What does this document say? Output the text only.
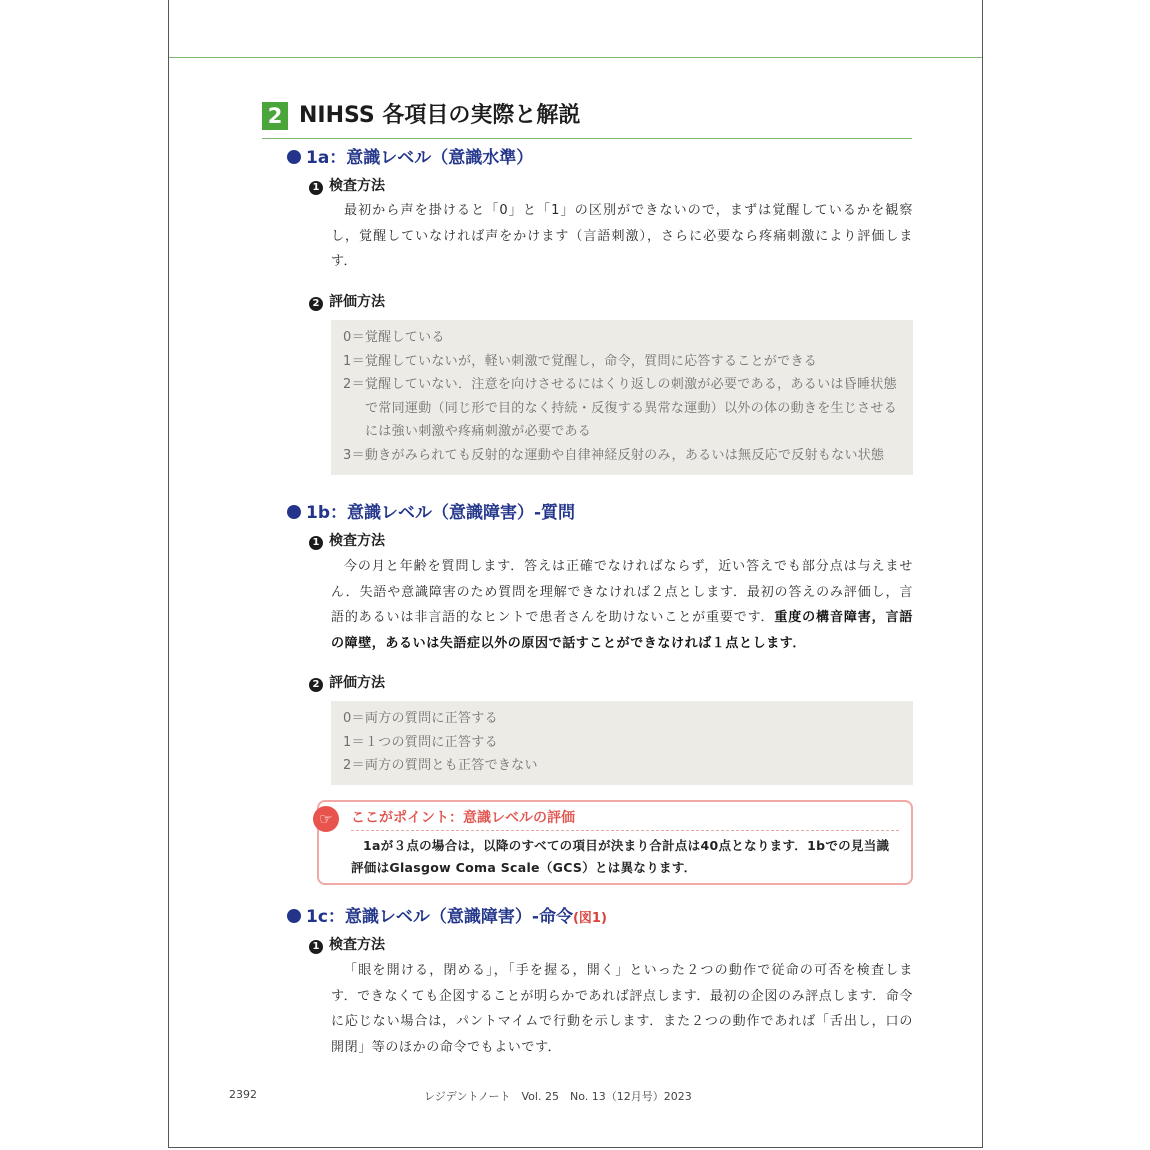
2 NIHSS 各項目の実際と解説
1a：意識レベル（意識水準）
1 検査方法

最初から声を掛けると「0」と「1」の区別ができないので，まずは覚醒しているかを観察し，覚醒していなければ声をかけます（言語刺激），さらに必要なら疼痛刺激により評価します．

2 評価方法

0＝覚醒している

1＝覚醒していないが，軽い刺激で覚醒し，命令，質問に応答することができる

2＝覚醒していない．注意を向けさせるにはくり返しの刺激が必要である，あるいは昏睡状態で常同運動（同じ形で目的なく持続・反復する異常な運動）以外の体の動きを生じさせるには強い刺激や疼痛刺激が必要である

3＝動きがみられても反射的な運動や自律神経反射のみ，あるいは無反応で反射もない状態

1b：意識レベル（意識障害）‐質問
1 検査方法

今の月と年齢を質問します．答えは正確でなければならず，近い答えでも部分点は与えません．失語や意識障害のため質問を理解できなければ２点とします．最初の答えのみ評価し，言語的あるいは非言語的なヒントで患者さんを助けないことが重要です．重度の構音障害，言語の障壁，あるいは失語症以外の原因で話すことができなければ１点とします．

2 評価方法

0＝両方の質問に正答する

1＝１つの質問に正答する

2＝両方の質問とも正答できない

☞	ここがポイント：意識レベルの評価

1aが３点の場合は，以降のすべての項目が決まり合計点は40点となります．1bでの見当識評価はGlasgow Coma Scale（GCS）とは異なります．

1c：意識レベル（意識障害）‐命令(図1)
1 検査方法

「眼を開ける，閉める」，「手を握る，開く」といった２つの動作で従命の可否を検査します．できなくても企図することが明らかであれば評点します．最初の企図のみ評点します．命令に応じない場合は，パントマイムで行動を示します．また２つの動作であれば「舌出し，口の開閉」等のほかの命令でもよいです．

2392	レジデントノート　Vol. 25　No. 13（12月号）2023
